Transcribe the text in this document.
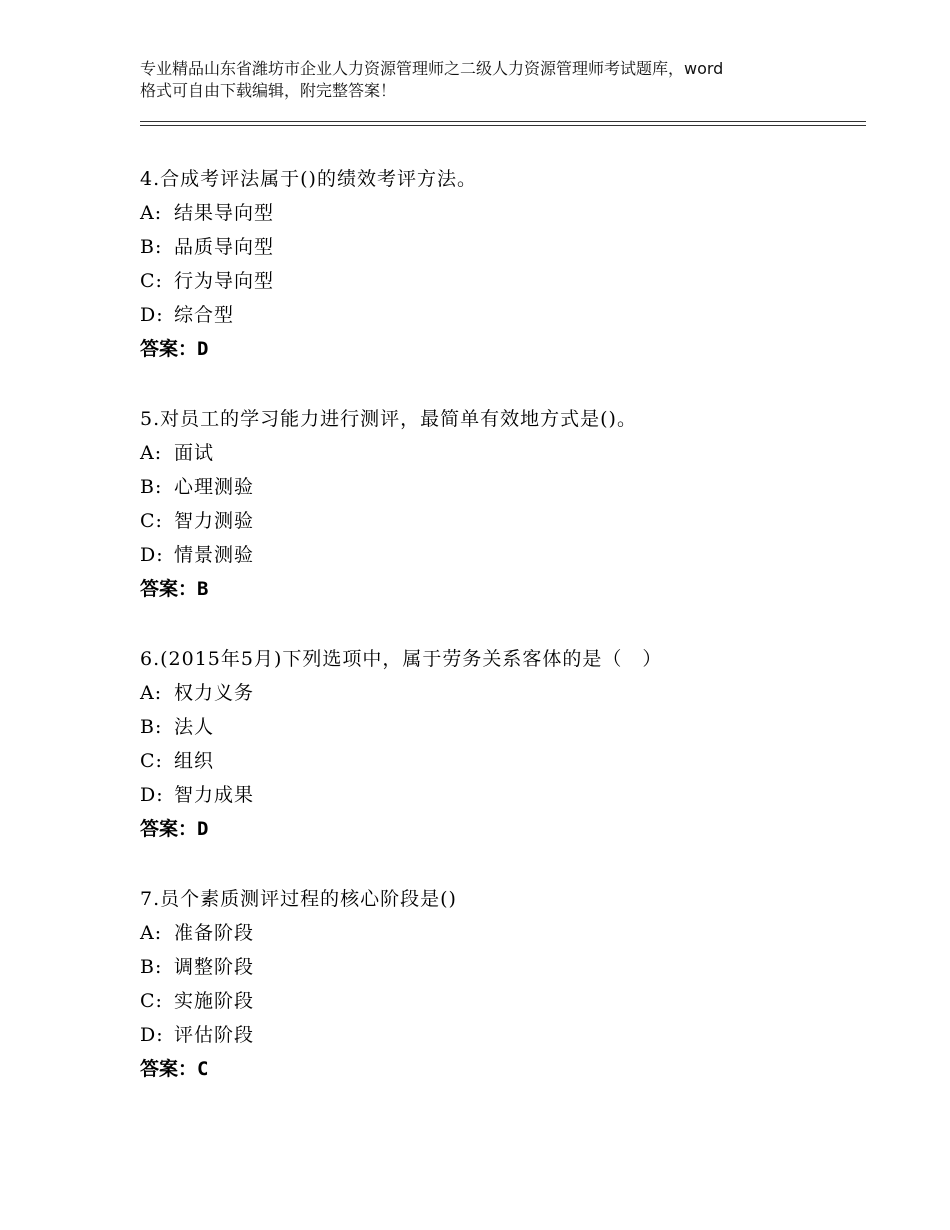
专业精品山东省潍坊市企业人力资源管理师之二级人力资源管理师考试题库，word
格式可自由下载编辑，附完整答案！
4.合成考评法属于()的绩效考评方法。
A: 结果导向型
B: 品质导向型
C: 行为导向型
D: 综合型
答案：D
5.对员工的学习能力进行测评，最简单有效地方式是()。
A: 面试
B: 心理测验
C: 智力测验
D: 情景测验
答案：B
6.(2015年5月)下列选项中，属于劳务关系客体的是（　）
A: 权力义务
B: 法人
C: 组织
D: 智力成果
答案：D
7.员个素质测评过程的核心阶段是()
A: 准备阶段
B: 调整阶段
C: 实施阶段
D: 评估阶段
答案：C
